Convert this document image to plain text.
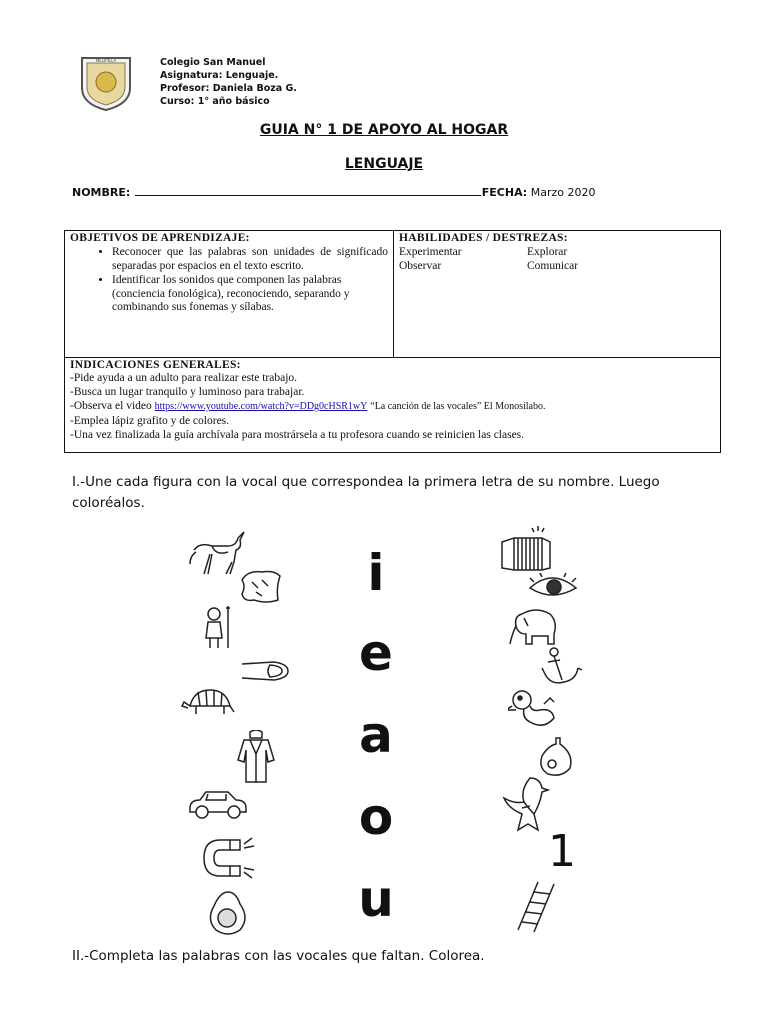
MELIPILLA	Colegio San Manuel
Asignatura: Lenguaje.
Profesor: Daniela Boza G.
Curso: 1° año básico
GUIA N° 1 DE APOYO AL HOGAR
LENGUAJE
NOMBRE:	FECHA: Marzo 2020
OBJETIVOS DE APRENDIZAJE:
• Reconocer que las palabras son unidades de significado separadas por espacios en el texto escrito.
• Identificar los sonidos que componen las palabras (conciencia fonológica), reconociendo, separando y combinando sus fonemas y sílabas.

HABILIDADES / DESTREZAS:
Experimentar	Explorar
Observar	Comunicar

INDICACIONES GENERALES:
-Pide ayuda a un adulto para realizar este trabajo.
-Busca un lugar tranquilo y luminoso para trabajar.
-Observa el video https://www.youtube.com/watch?v=DDg0cHSR1wY “La canción de las vocales” El Monosílabo.
-Emplea lápiz grafito y de colores.
-Una vez finalizada la guía archívala para mostrársela a tu profesora cuando se reinicien las clases.
I.-Une cada figura con la vocal que correspondea la primera letra de su nombre. Luego coloréalos.
i
e
a
o
u
1
II.-Completa las palabras con las vocales que faltan. Colorea.
